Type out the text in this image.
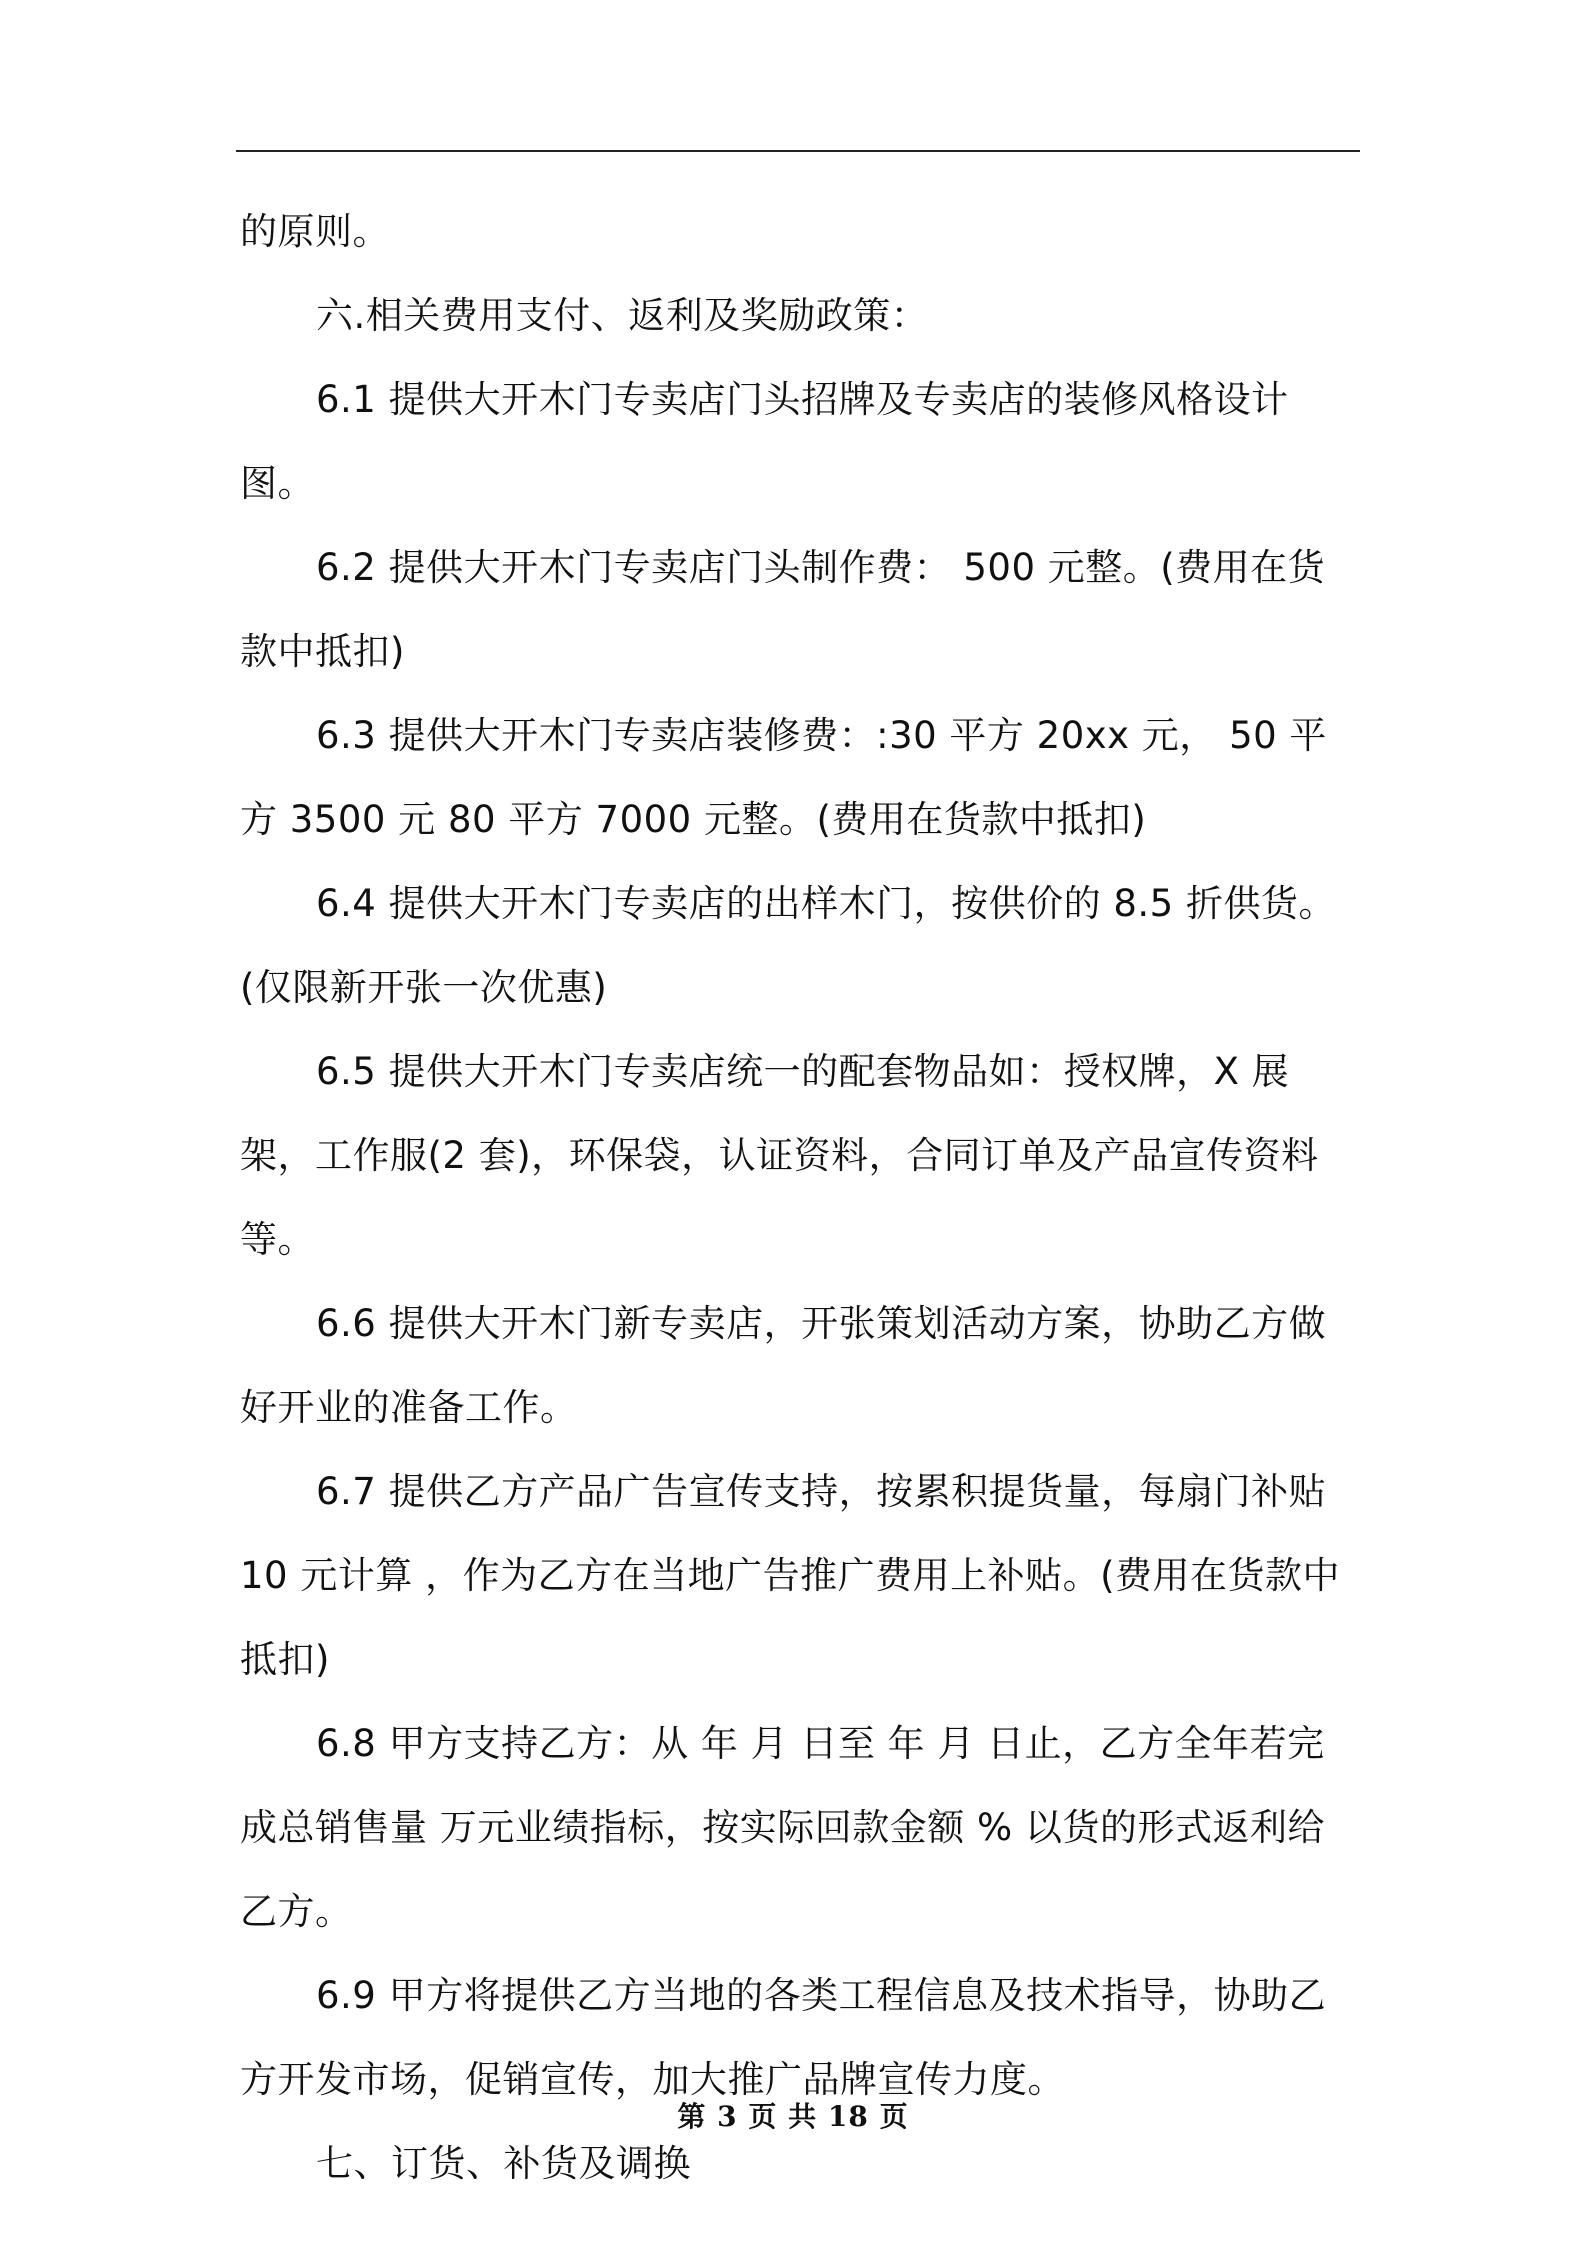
的原则。

六.相关费用支付、返利及奖励政策：

6.1 提供大开木门专卖店门头招牌及专卖店的装修风格设计图。

6.2 提供大开木门专卖店门头制作费： 500 元整。(费用在货款中抵扣)

6.3 提供大开木门专卖店装修费：:30 平方 20xx 元， 50 平方 3500 元 80 平方 7000 元整。(费用在货款中抵扣)

6.4 提供大开木门专卖店的出样木门，按供价的 8.5 折供货。(仅限新开张一次优惠)

6.5 提供大开木门专卖店统一的配套物品如：授权牌，X 展架，工作服(2 套)，环保袋，认证资料，合同订单及产品宣传资料等。

6.6 提供大开木门新专卖店，开张策划活动方案，协助乙方做好开业的准备工作。

6.7 提供乙方产品广告宣传支持，按累积提货量，每扇门补贴 10 元计算 ，作为乙方在当地广告推广费用上补贴。(费用在货款中抵扣)

6.8 甲方支持乙方：从 年 月 日至 年 月 日止，乙方全年若完成总销售量 万元业绩指标，按实际回款金额 % 以货的形式返利给乙方。

6.9 甲方将提供乙方当地的各类工程信息及技术指导，协助乙方开发市场，促销宣传，加大推广品牌宣传力度。

七、订货、补货及调换

第 3 页 共 18 页
